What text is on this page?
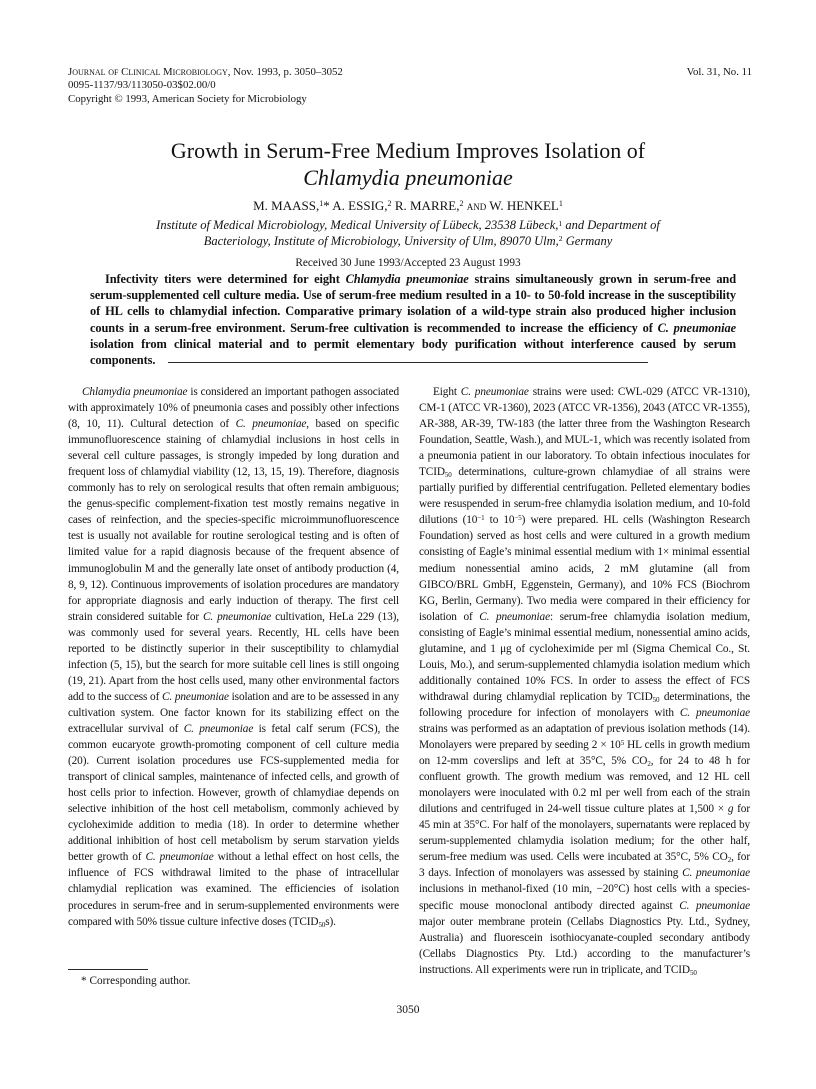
Journal of Clinical Microbiology, Nov. 1993, p. 3050–3052
0095-1137/93/113050-03$02.00/0
Copyright © 1993, American Society for Microbiology
Vol. 31, No. 11
Growth in Serum-Free Medium Improves Isolation of
Chlamydia pneumoniae
M. MAASS,$^1$* A. ESSIG,$^2$ R. MARRE,$^2$ and W. HENKEL$^1$
Institute of Medical Microbiology, Medical University of Lübeck, 23538 Lübeck,$^1$ and Department of
Bacteriology, Institute of Microbiology, University of Ulm, 89070 Ulm,$^2$ Germany
Received 30 June 1993/Accepted 23 August 1993
Infectivity titers were determined for eight Chlamydia pneumoniae strains simultaneously grown in serum-free and serum-supplemented cell culture media. Use of serum-free medium resulted in a 10- to 50-fold increase in the susceptibility of HL cells to chlamydial infection. Comparative primary isolation of a wild-type strain also produced higher inclusion counts in a serum-free environment. Serum-free cultivation is recommended to increase the efficiency of C. pneumoniae isolation from clinical material and to permit elementary body purification without interference caused by serum components.
Chlamydia pneumoniae is considered an important pathogen associated with approximately 10% of pneumonia cases and possibly other infections (8, 10, 11). Cultural detection of C. pneumoniae, based on specific immunofluorescence staining of chlamydial inclusions in host cells in several cell culture passages, is strongly impeded by long duration and frequent loss of chlamydial viability (12, 13, 15, 19). Therefore, diagnosis commonly has to rely on serological results that often remain ambiguous; the genus-specific complement-fixation test mostly remains negative in cases of reinfection, and the species-specific microimmunofluorescence test is usually not available for routine serological testing and is often of limited value for a rapid diagnosis because of the frequent absence of immunoglobulin M and the generally late onset of antibody production (4, 8, 9, 12). Continuous improvements of isolation procedures are mandatory for appropriate diagnosis and early induction of therapy. The first cell strain considered suitable for C. pneumoniae cultivation, HeLa 229 (13), was commonly used for several years. Recently, HL cells have been reported to be distinctly superior in their susceptibility to chlamydial infection (5, 15), but the search for more suitable cell lines is still ongoing (19, 21). Apart from the host cells used, many other environmental factors add to the success of C. pneumoniae isolation and are to be assessed in any cultivation system. One factor known for its stabilizing effect on the extracellular survival of C. pneumoniae is fetal calf serum (FCS), the common eucaryote growth-promoting component of cell culture media (20). Current isolation procedures use FCS-supplemented media for transport of clinical samples, maintenance of infected cells, and growth of host cells prior to infection. However, growth of chlamydiae depends on selective inhibition of the host cell metabolism, commonly achieved by cycloheximide addition to media (18). In order to determine whether additional inhibition of host cell metabolism by serum starvation yields better growth of C. pneumoniae without a lethal effect on host cells, the influence of FCS withdrawal limited to the phase of intracellular chlamydial replication was examined. The efficiencies of isolation procedures in serum-free and in serum-supplemented environments were compared with 50% tissue culture infective doses (TCID50s).
Eight C. pneumoniae strains were used: CWL-029 (ATCC VR-1310), CM-1 (ATCC VR-1360), 2023 (ATCC VR-1356), 2043 (ATCC VR-1355), AR-388, AR-39, TW-183 (the latter three from the Washington Research Foundation, Seattle, Wash.), and MUL-1, which was recently isolated from a pneumonia patient in our laboratory. To obtain infectious inoculates for TCID50 determinations, culture-grown chlamydiae of all strains were partially purified by differential centrifugation. Pelleted elementary bodies were resuspended in serum-free chlamydia isolation medium, and 10-fold dilutions ($10^{-1}$ to $10^{-5}$) were prepared. HL cells (Washington Research Foundation) served as host cells and were cultured in a growth medium consisting of Eagle’s minimal essential medium with 1× minimal essential medium nonessential amino acids, 2 mM glutamine (all from GIBCO/BRL GmbH, Eggenstein, Germany), and 10% FCS (Biochrom KG, Berlin, Germany). Two media were compared in their efficiency for isolation of C. pneumoniae: serum-free chlamydia isolation medium, consisting of Eagle’s minimal essential medium, nonessential amino acids, glutamine, and 1 μg of cycloheximide per ml (Sigma Chemical Co., St. Louis, Mo.), and serum-supplemented chlamydia isolation medium which additionally contained 10% FCS. In order to assess the effect of FCS withdrawal during chlamydial replication by TCID50 determinations, the following procedure for infection of monolayers with C. pneumoniae strains was performed as an adaptation of previous isolation methods (14). Monolayers were prepared by seeding $2 \times 10^5$ HL cells in growth medium on 12-mm coverslips and left at 35°C, 5% CO2, for 24 to 48 h for confluent growth. The growth medium was removed, and 12 HL cell monolayers were inoculated with 0.2 ml per well from each of the strain dilutions and centrifuged in 24-well tissue culture plates at 1,500 × g for 45 min at 35°C. For half of the monolayers, supernatants were replaced by serum-supplemented chlamydia isolation medium; for the other half, serum-free medium was used. Cells were incubated at 35°C, 5% CO2, for 3 days. Infection of monolayers was assessed by staining C. pneumoniae inclusions in methanol-fixed (10 min, −20°C) host cells with a species-specific mouse monoclonal antibody directed against C. pneumoniae major outer membrane protein (Cellabs Diagnostics Pty. Ltd., Sydney, Australia) and fluorescein isothiocyanate-coupled secondary antibody (Cellabs Diagnostics Pty. Ltd.) according to the manufacturer’s instructions. All experiments were run in triplicate, and TCID50
* Corresponding author.
3050
